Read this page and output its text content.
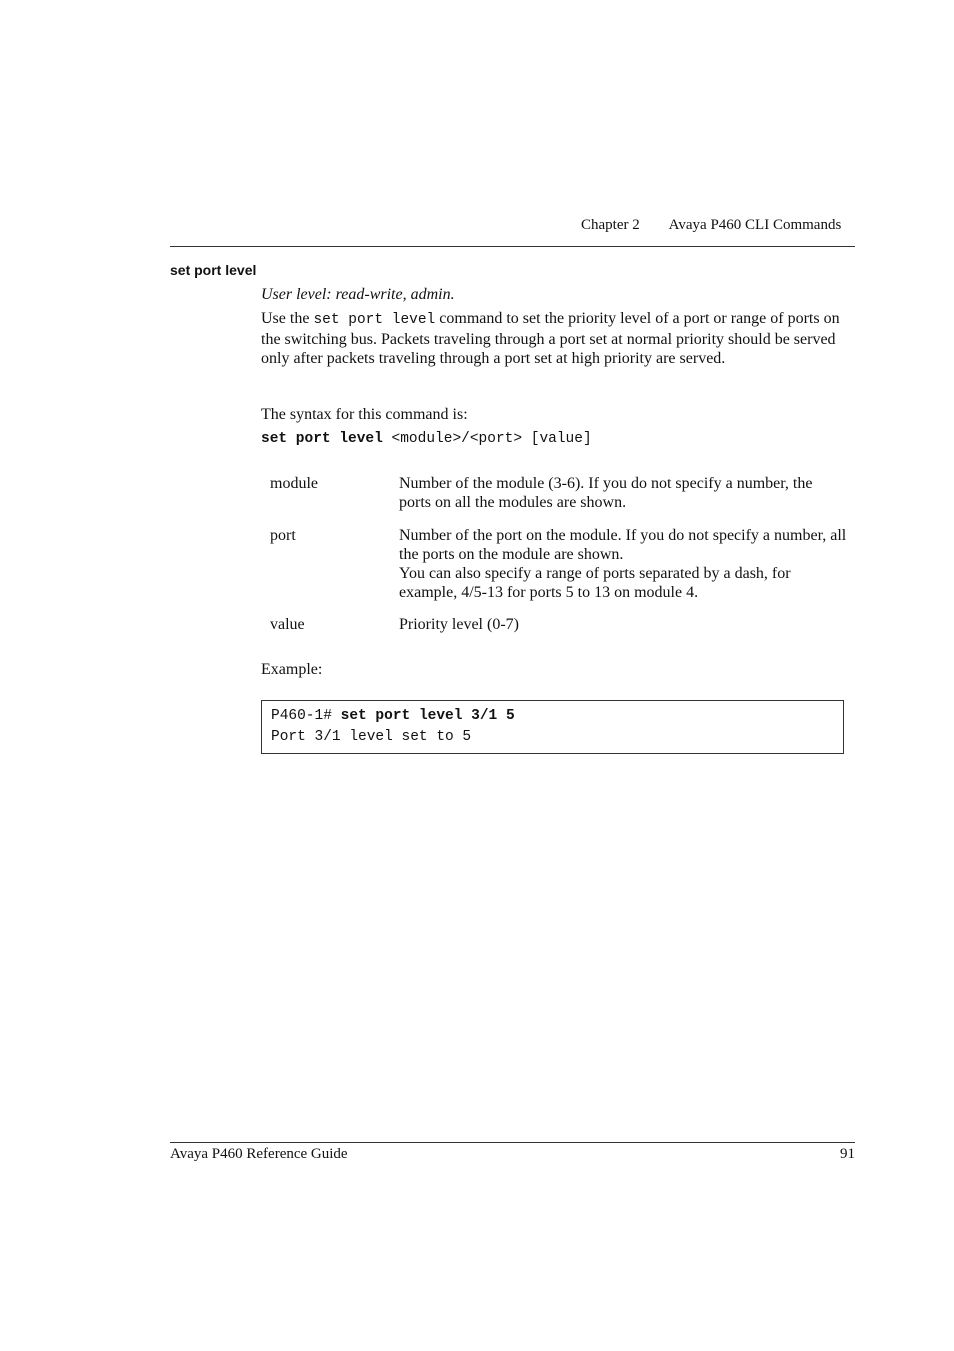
Chapter 2 Avaya P460 CLI Commands
set port level
User level: read-write, admin.

Use the set port level command to set the priority level of a port or range of ports on the switching bus. Packets traveling through a port set at normal priority should be served only after packets traveling through a port set at high priority are served.

The syntax for this command is:
set port level <module>/<port> [value]
module	Number of the module (3-6). If you do not specify a number, the ports on all the modules are shown.

port	Number of the port on the module. If you do not specify a number, all the ports on the module are shown.

You can also specify a range of ports separated by a dash, for example, 4/5-13 for ports 5 to 13 on module 4.

value	Priority level (0-7)

Example:
P460-1# set port level 3/1 5
Port 3/1 level set to 5
Avaya P460 Reference Guide	91
